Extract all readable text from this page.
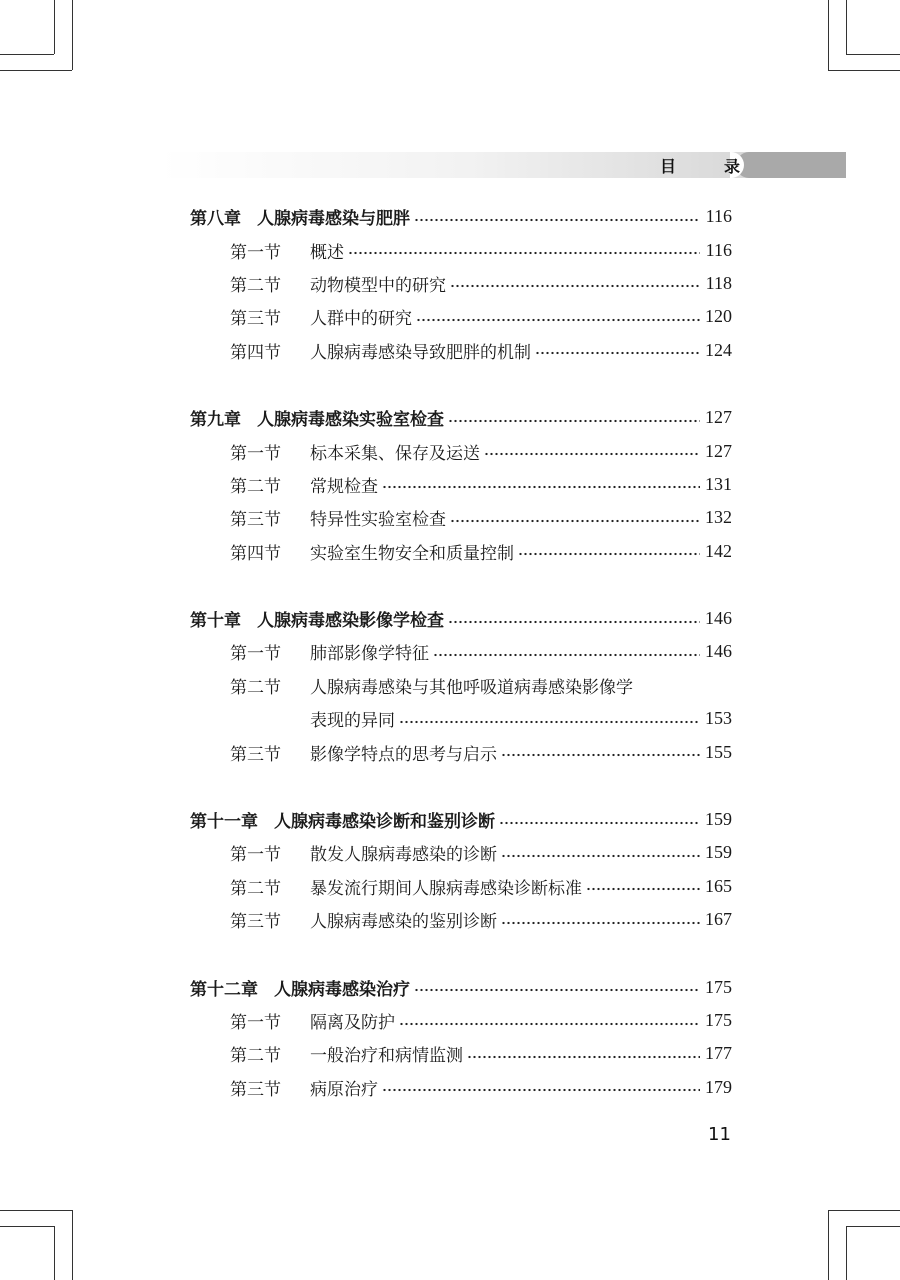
目	录
第八章 人腺病毒感染与肥胖	116
第一节	概述	116
第二节	动物模型中的研究	118
第三节	人群中的研究	120
第四节	人腺病毒感染导致肥胖的机制	124
第九章 人腺病毒感染实验室检查	127
第一节	标本采集、保存及运送	127
第二节	常规检查	131
第三节	特异性实验室检查	132
第四节	实验室生物安全和质量控制	142
第十章 人腺病毒感染影像学检查	146
第一节	肺部影像学特征	146
第二节	人腺病毒感染与其他呼吸道病毒感染影像学
表现的异同	153
第三节	影像学特点的思考与启示	155
第十一章 人腺病毒感染诊断和鉴别诊断	159
第一节	散发人腺病毒感染的诊断	159
第二节	暴发流行期间人腺病毒感染诊断标准	165
第三节	人腺病毒感染的鉴别诊断	167
第十二章 人腺病毒感染治疗	175
第一节	隔离及防护	175
第二节	一般治疗和病情监测	177
第三节	病原治疗	179
11
